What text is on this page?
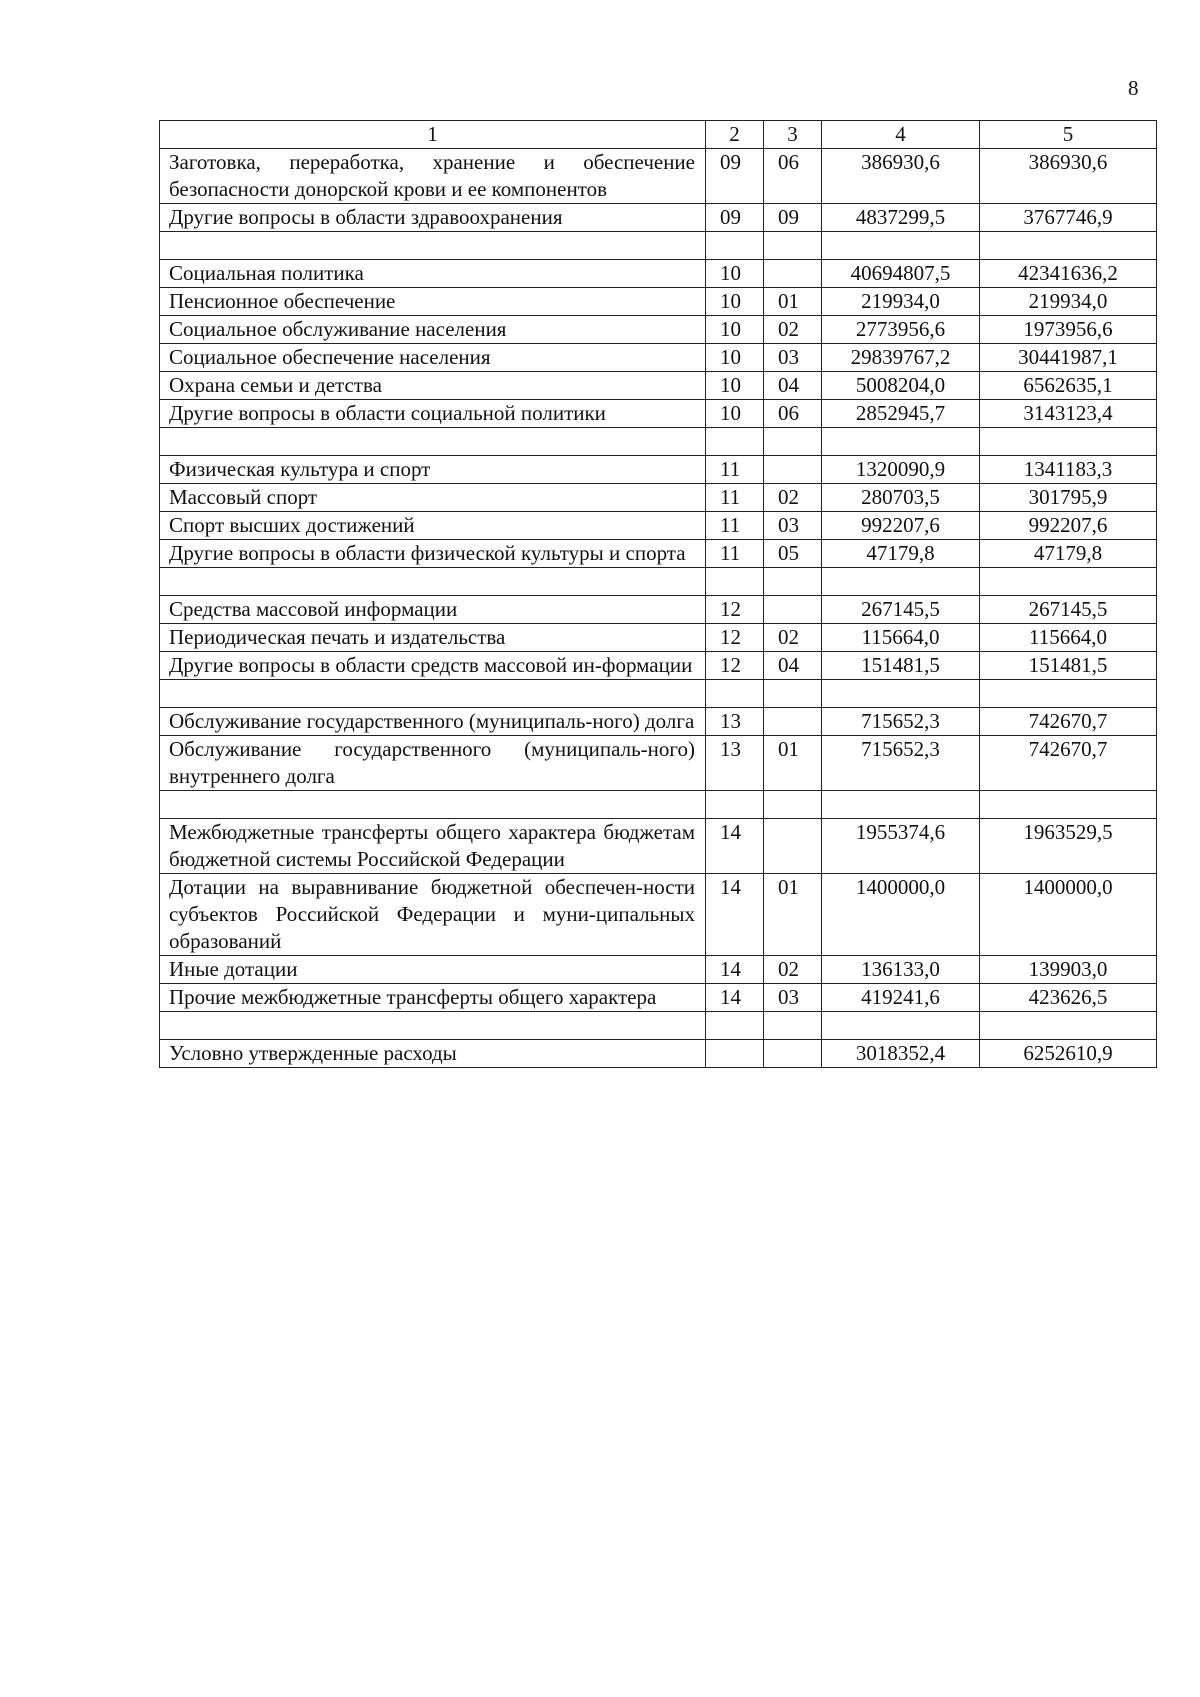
8
1	2	3	4	5
Заготовка, переработка, хранение и обеспечение безопасности донорской крови и ее компонентов	09	06	386930,6	386930,6
Другие вопросы в области здравоохранения	09	09	4837299,5	3767746,9

Социальная политика	10		40694807,5	42341636,2
Пенсионное обеспечение	10	01	219934,0	219934,0
Социальное обслуживание населения	10	02	2773956,6	1973956,6
Социальное обеспечение населения	10	03	29839767,2	30441987,1
Охрана семьи и детства	10	04	5008204,0	6562635,1
Другие вопросы в области социальной политики	10	06	2852945,7	3143123,4

Физическая культура и спорт	11		1320090,9	1341183,3
Массовый спорт	11	02	280703,5	301795,9
Спорт высших достижений	11	03	992207,6	992207,6
Другие вопросы в области физической культуры и спорта	11	05	47179,8	47179,8

Средства массовой информации	12		267145,5	267145,5
Периодическая печать и издательства	12	02	115664,0	115664,0
Другие вопросы в области средств массовой ин-формации	12	04	151481,5	151481,5

Обслуживание государственного (муниципаль-ного) долга	13		715652,3	742670,7
Обслуживание государственного (муниципаль-ного) внутреннего долга	13	01	715652,3	742670,7

Межбюджетные трансферты общего характера бюджетам бюджетной системы Российской Федерации	14		1955374,6	1963529,5
Дотации на выравнивание бюджетной обеспечен-ности субъектов Российской Федерации и муни-ципальных образований	14	01	1400000,0	1400000,0
Иные дотации	14	02	136133,0	139903,0
Прочие межбюджетные трансферты общего характера	14	03	419241,6	423626,5

Условно утвержденные расходы			3018352,4	6252610,9
